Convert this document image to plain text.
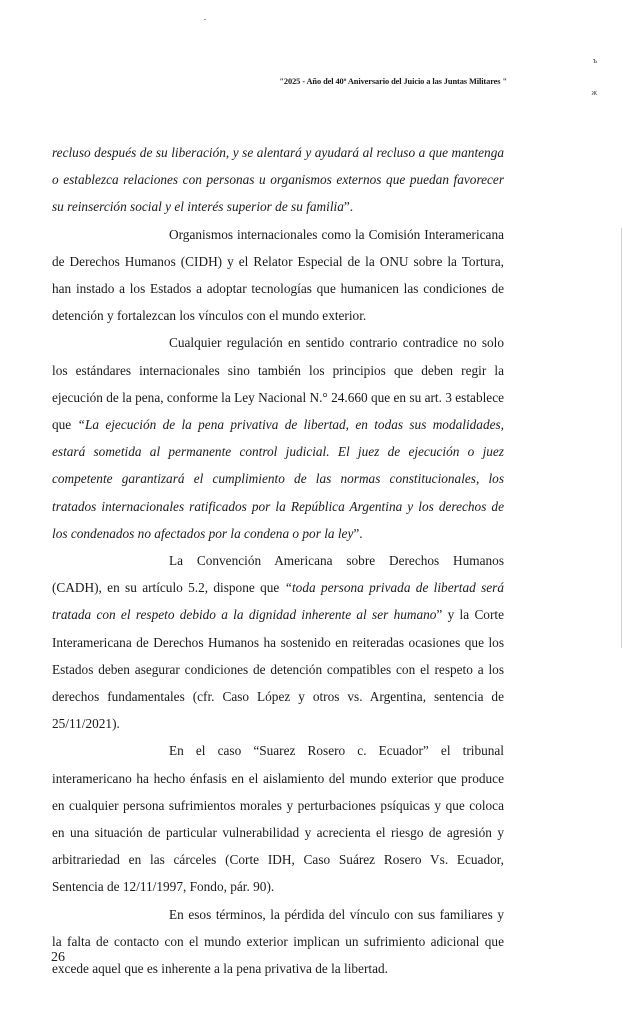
ъ
ж
"2025 - Año del 40º Aniversario del Juicio a las Juntas Militares "

recluso después de su liberación, y se alentará y ayudará al recluso a que mantenga o establezca relaciones con personas u organismos externos que puedan favorecer su reinserción social y el interés superior de su familia”.

Organismos internacionales como la Comisión Interamericana de Derechos Humanos (CIDH) y el Relator Especial de la ONU sobre la Tortura, han instado a los Estados a adoptar tecnologías que humanicen las condiciones de detención y fortalezcan los vínculos con el mundo exterior.

Cualquier regulación en sentido contrario contradice no solo los estándares internacionales sino también los principios que deben regir la ejecución de la pena, conforme la Ley Nacional N.° 24.660 que en su art. 3 establece que “La ejecución de la pena privativa de libertad, en todas sus modalidades, estará sometida al permanente control judicial. El juez de ejecución o juez competente garantizará el cumplimiento de las normas constitucionales, los tratados internacionales ratificados por la República Argentina y los derechos de los condenados no afectados por la condena o por la ley”.

La Convención Americana sobre Derechos Humanos (CADH), en su artículo 5.2, dispone que “toda persona privada de libertad será tratada con el respeto debido a la dignidad inherente al ser humano” y la Corte Interamericana de Derechos Humanos ha sostenido en reiteradas ocasiones que los Estados deben asegurar condiciones de detención compatibles con el respeto a los derechos fundamentales (cfr. Caso López y otros vs. Argentina, sentencia de 25/11/2021).

En el caso “Suarez Rosero c. Ecuador” el tribunal interamericano ha hecho énfasis en el aislamiento del mundo exterior que produce en cualquier persona sufrimientos morales y perturbaciones psíquicas y que coloca en una situación de particular vulnerabilidad y acrecienta el riesgo de agresión y arbitrariedad en las cárceles (Corte IDH, Caso Suárez Rosero Vs. Ecuador, Sentencia de 12/11/1997, Fondo, pár. 90).

En esos términos, la pérdida del vínculo con sus familiares y la falta de contacto con el mundo exterior implican un sufrimiento adicional que excede aquel que es inherente a la pena privativa de la libertad.

26
